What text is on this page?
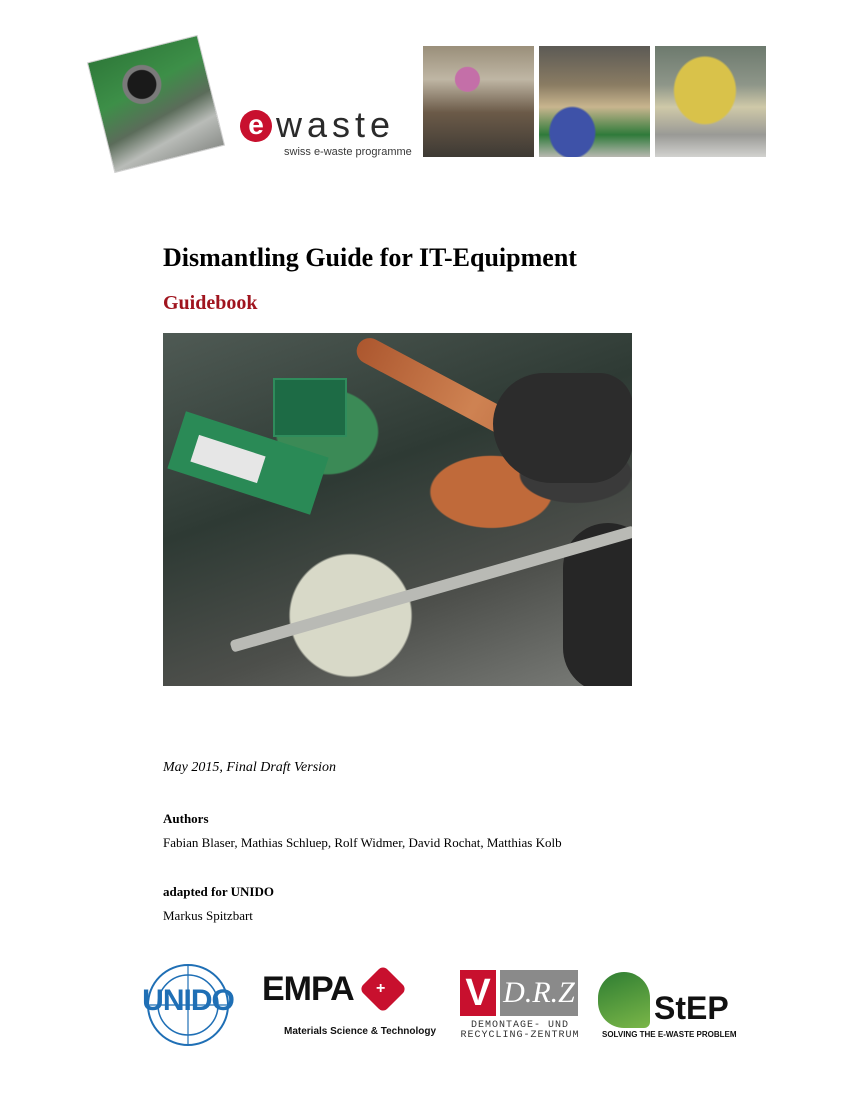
e waste
swiss e-waste programme
Dismantling Guide for IT-Equipment
Guidebook
May 2015, Final Draft Version
Authors
Fabian Blaser, Mathias Schluep, Rolf Widmer, David Rochat, Matthias Kolb
adapted for UNIDO
Markus Spitzbart
UNIDO EMPA +
Materials Science & Technology
V D.R.Z
DEMONTAGE- UND
RECYCLING-ZENTRUM
StEP
SOLVING THE E-WASTE PROBLEM
